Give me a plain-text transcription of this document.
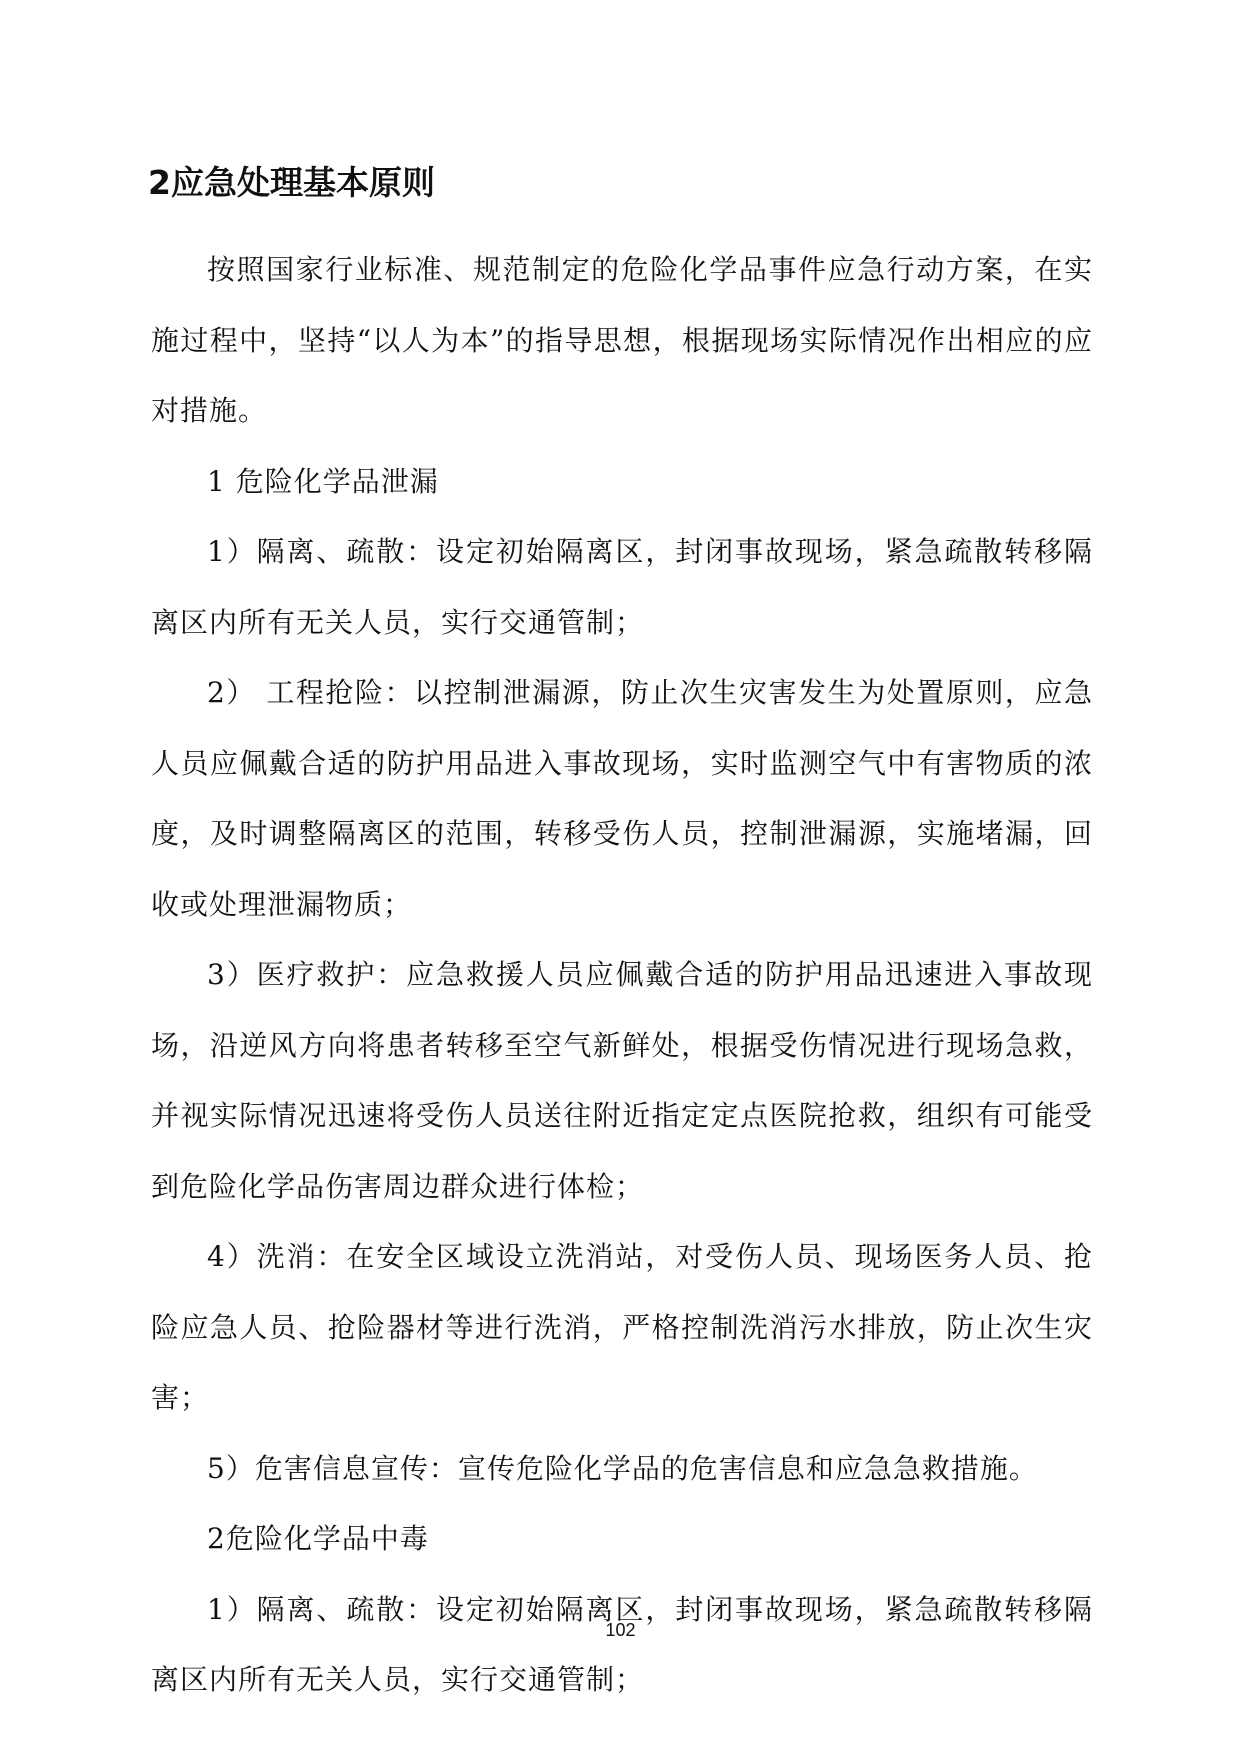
2应急处理基本原则

按照国家行业标准、规范制定的危险化学品事件应急行动方案，在实施过程中，坚持“以人为本”的指导思想，根据现场实际情况作出相应的应对措施。

1 危险化学品泄漏

1）隔离、疏散：设定初始隔离区，封闭事故现场，紧急疏散转移隔离区内所有无关人员，实行交通管制；

2） 工程抢险：以控制泄漏源，防止次生灾害发生为处置原则，应急人员应佩戴合适的防护用品进入事故现场，实时监测空气中有害物质的浓度，及时调整隔离区的范围，转移受伤人员，控制泄漏源，实施堵漏，回收或处理泄漏物质；

3）医疗救护：应急救援人员应佩戴合适的防护用品迅速进入事故现场，沿逆风方向将患者转移至空气新鲜处，根据受伤情况进行现场急救，并视实际情况迅速将受伤人员送往附近指定定点医院抢救，组织有可能受到危险化学品伤害周边群众进行体检；

4）洗消：在安全区域设立洗消站，对受伤人员、现场医务人员、抢险应急人员、抢险器材等进行洗消，严格控制洗消污水排放，防止次生灾害；

5）危害信息宣传：宣传危险化学品的危害信息和应急急救措施。

2危险化学品中毒

1）隔离、疏散：设定初始隔离区，封闭事故现场，紧急疏散转移隔离区内所有无关人员，实行交通管制；

102
